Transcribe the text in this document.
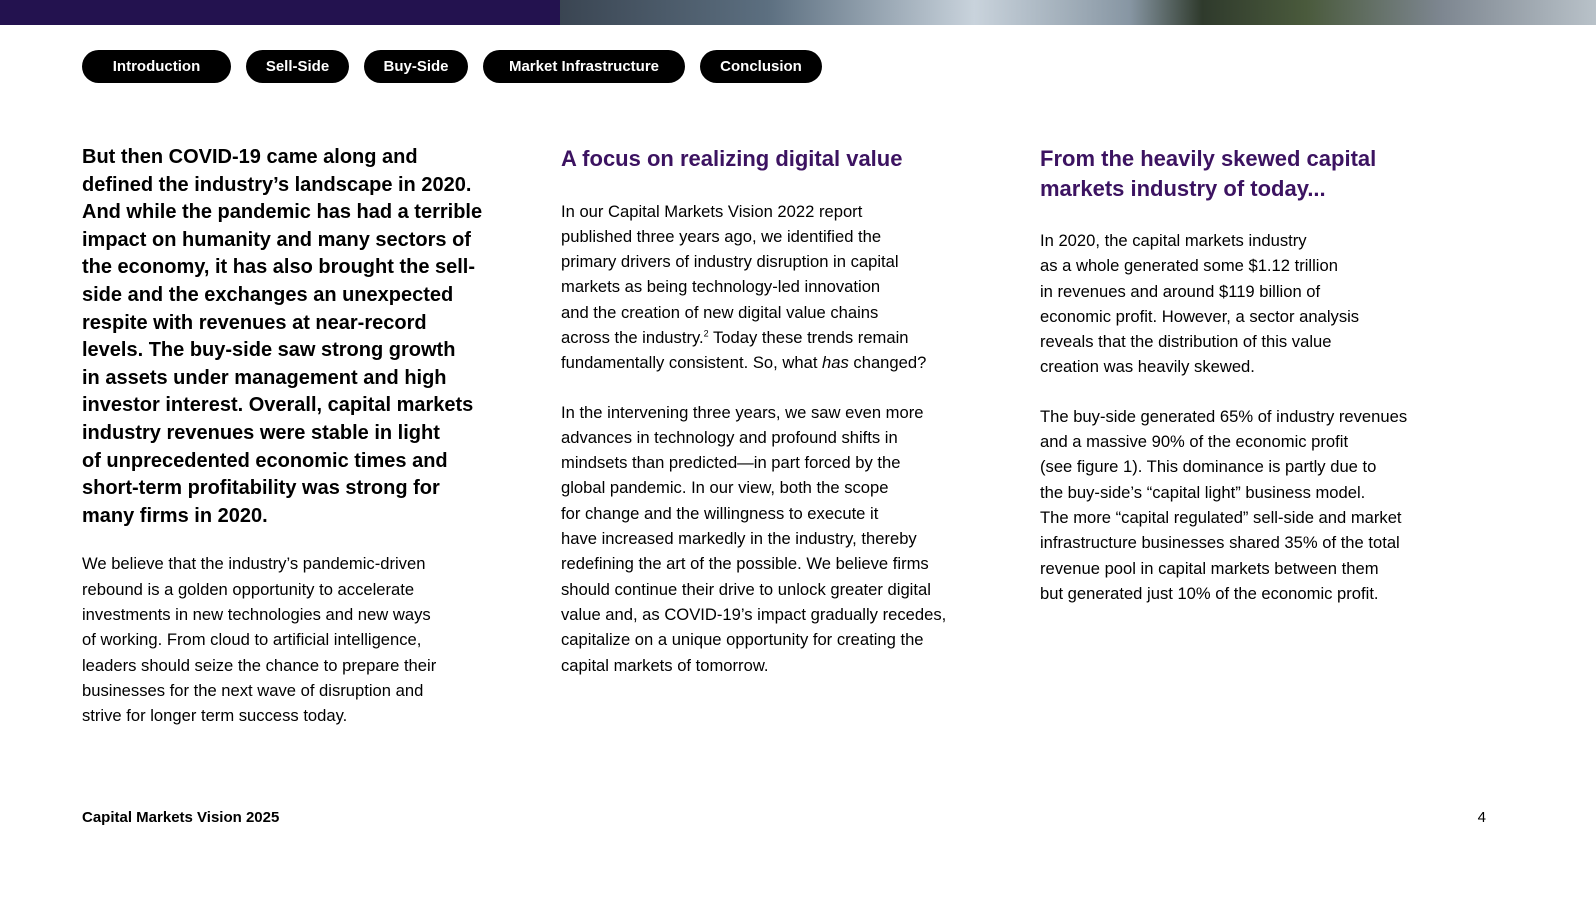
Introduction	Sell-Side	Buy-Side	Market Infrastructure	Conclusion

But then COVID-19 came along and
defined the industry’s landscape in 2020.
And while the pandemic has had a terrible
impact on humanity and many sectors of
the economy, it has also brought the sell-
side and the exchanges an unexpected
respite with revenues at near-record
levels. The buy-side saw strong growth
in assets under management and high
investor interest. Overall, capital markets
industry revenues were stable in light
of unprecedented economic times and
short-term profitability was strong for
many firms in 2020.

We believe that the industry’s pandemic-driven
rebound is a golden opportunity to accelerate
investments in new technologies and new ways
of working. From cloud to artificial intelligence,
leaders should seize the chance to prepare their
businesses for the next wave of disruption and
strive for longer term success today.

A focus on realizing digital value

In our Capital Markets Vision 2022 report
published three years ago, we identified the
primary drivers of industry disruption in capital
markets as being technology-led innovation
and the creation of new digital value chains
across the industry.$^2$ Today these trends remain
fundamentally consistent. So, what has changed?

In the intervening three years, we saw even more
advances in technology and profound shifts in
mindsets than predicted—in part forced by the
global pandemic. In our view, both the scope
for change and the willingness to execute it
have increased markedly in the industry, thereby
redefining the art of the possible. We believe firms
should continue their drive to unlock greater digital
value and, as COVID-19’s impact gradually recedes,
capitalize on a unique opportunity for creating the
capital markets of tomorrow.

From the heavily skewed capital
markets industry of today...

In 2020, the capital markets industry
as a whole generated some $1.12 trillion
in revenues and around $119 billion of
economic profit. However, a sector analysis
reveals that the distribution of this value
creation was heavily skewed.

The buy-side generated 65% of industry revenues
and a massive 90% of the economic profit
(see figure 1). This dominance is partly due to
the buy-side’s “capital light” business model.
The more “capital regulated” sell-side and market
infrastructure businesses shared 35% of the total
revenue pool in capital markets between them
but generated just 10% of the economic profit.

Capital Markets Vision 2025	4
